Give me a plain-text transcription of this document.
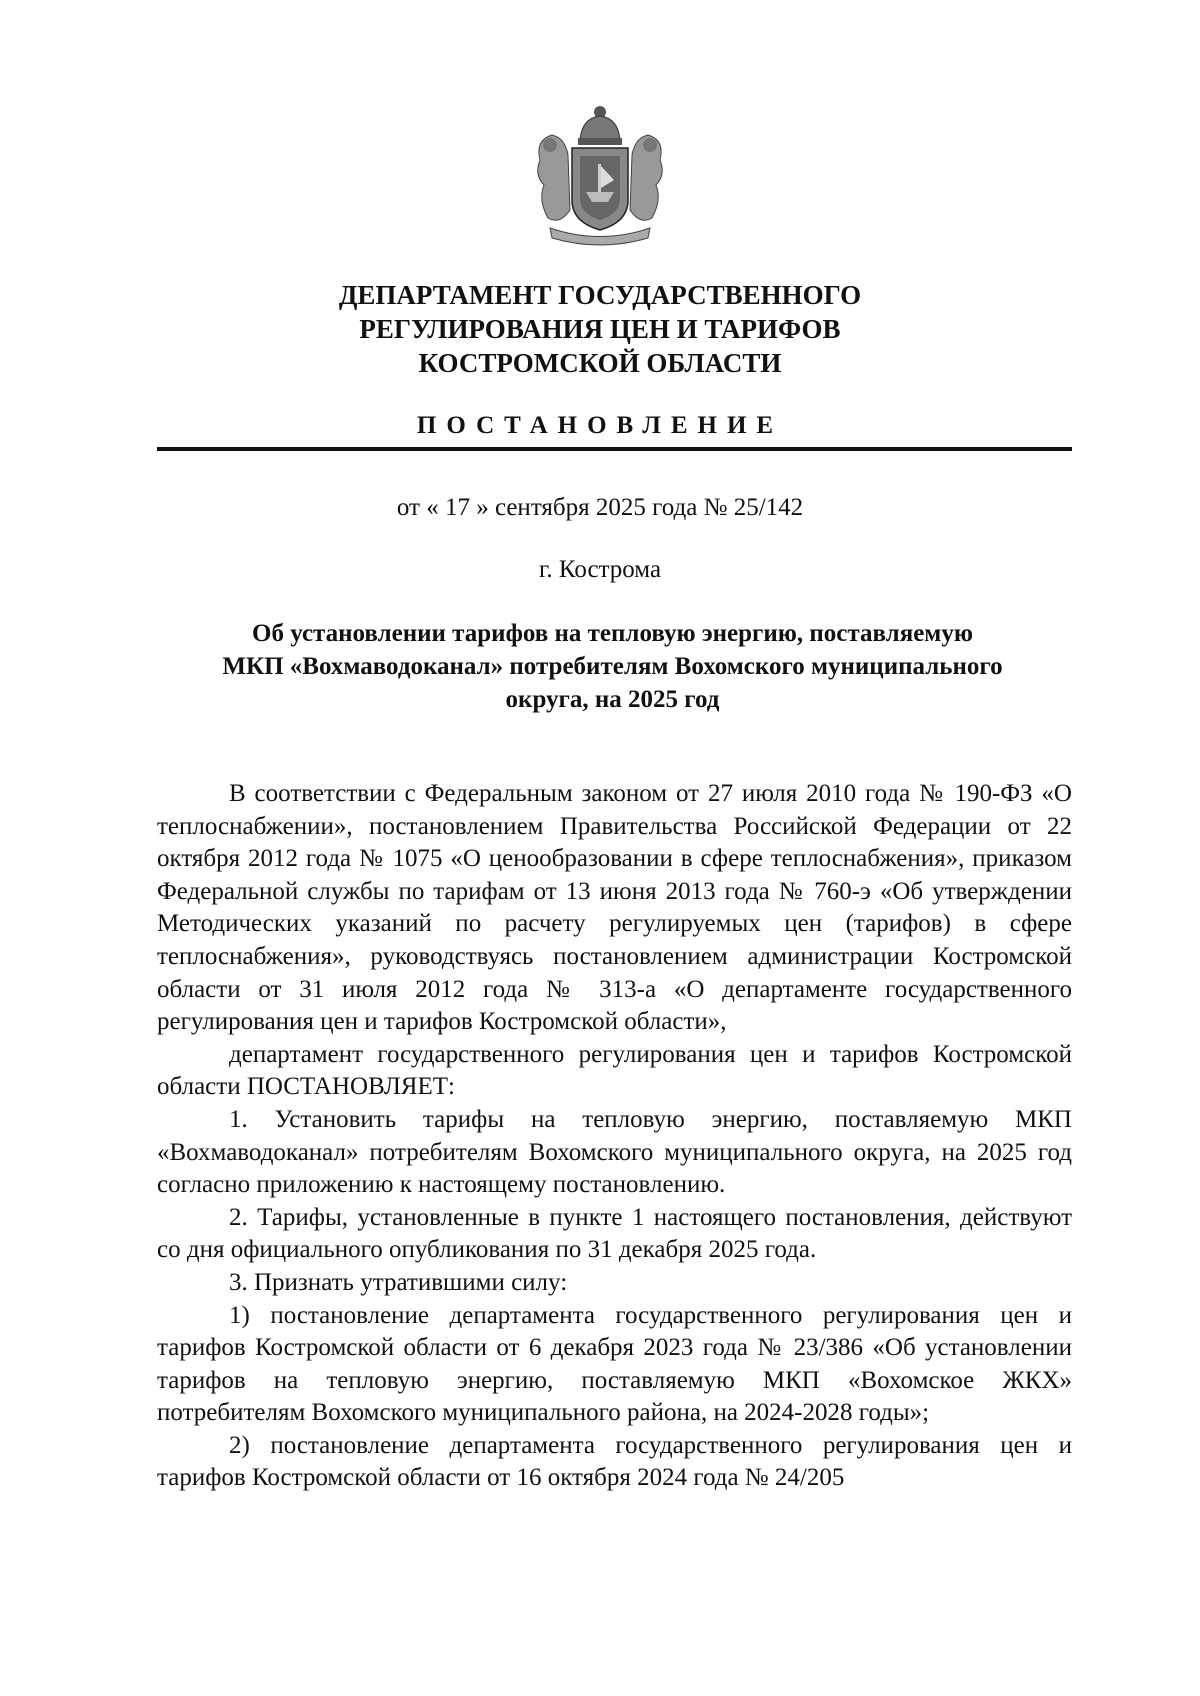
ДЕПАРТАМЕНТ ГОСУДАРСТВЕННОГО
РЕГУЛИРОВАНИЯ ЦЕН И ТАРИФОВ
КОСТРОМСКОЙ ОБЛАСТИ
ПОСТАНОВЛЕНИЕ
от « 17 » сентября 2025 года № 25/142
г. Кострома
Об установлении тарифов на тепловую энергию, поставляемую
МКП «Вохмаводоканал» потребителям Вохомского муниципального
округа, на 2025 год

В соответствии с Федеральным законом от 27 июля 2010 года № 190-ФЗ «О теплоснабжении», постановлением Правительства Российской Федерации от 22 октября 2012 года № 1075 «О ценообразовании в сфере теплоснабжения», приказом Федеральной службы по тарифам от 13 июня 2013 года № 760-э «Об утверждении Методических указаний по расчету регулируемых цен (тарифов) в сфере теплоснабжения», руководствуясь постановлением администрации Костромской области от 31 июля 2012 года № 313-а «О департаменте государственного регулирования цен и тарифов Костромской области»,

департамент государственного регулирования цен и тарифов Костромской области ПОСТАНОВЛЯЕТ:

1. Установить тарифы на тепловую энергию, поставляемую МКП «Вохмаводоканал» потребителям Вохомского муниципального округа, на 2025 год согласно приложению к настоящему постановлению.

2. Тарифы, установленные в пункте 1 настоящего постановления, действуют со дня официального опубликования по 31 декабря 2025 года.

3. Признать утратившими силу:

1) постановление департамента государственного регулирования цен и тарифов Костромской области от 6 декабря 2023 года № 23/386 «Об установлении тарифов на тепловую энергию, поставляемую МКП «Вохомское ЖКХ» потребителям Вохомского муниципального района, на 2024-2028 годы»;

2) постановление департамента государственного регулирования цен и тарифов Костромской области от 16 октября 2024 года № 24/205
